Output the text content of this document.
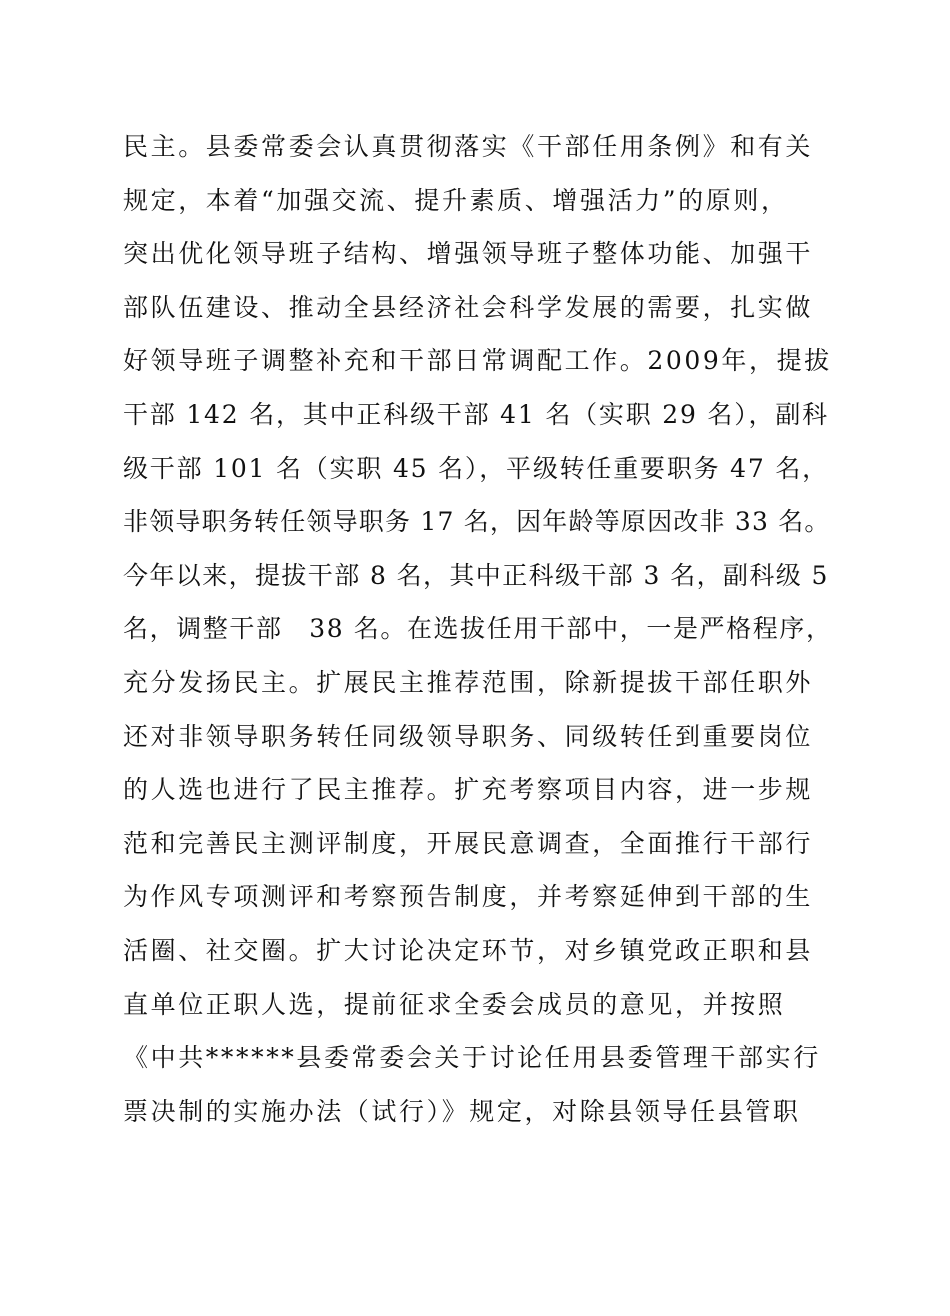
民主。县委常委会认真贯彻落实《干部任用条例》和有关
规定，本着“加强交流、提升素质、增强活力”的原则，
突出优化领导班子结构、增强领导班子整体功能、加强干
部队伍建设、推动全县经济社会科学发展的需要，扎实做
好领导班子调整补充和干部日常调配工作。2009年，提拔
干部 142 名，其中正科级干部 41 名（实职 29 名），副科
级干部 101 名（实职 45 名），平级转任重要职务 47 名，
非领导职务转任领导职务 17 名，因年龄等原因改非 33 名。
今年以来，提拔干部 8 名，其中正科级干部 3 名，副科级 5
名，调整干部　38 名。在选拔任用干部中，一是严格程序，
充分发扬民主。扩展民主推荐范围，除新提拔干部任职外
还对非领导职务转任同级领导职务、同级转任到重要岗位
的人选也进行了民主推荐。扩充考察项目内容，进一步规
范和完善民主测评制度，开展民意调查，全面推行干部行
为作风专项测评和考察预告制度，并考察延伸到干部的生
活圈、社交圈。扩大讨论决定环节，对乡镇党政正职和县
直单位正职人选，提前征求全委会成员的意见，并按照
《中共******县委常委会关于讨论任用县委管理干部实行
票决制的实施办法（试行）》规定，对除县领导任县管职
